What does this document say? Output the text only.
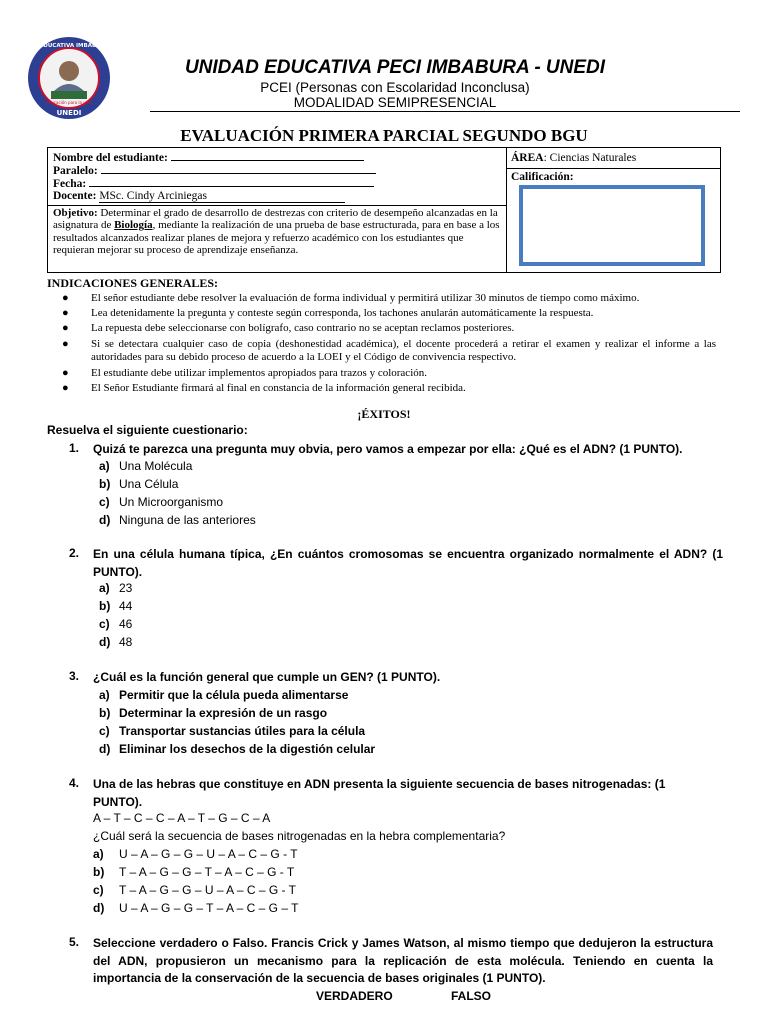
UNIDAD EDUCATIVA IMBABURA PECI
educación para la vida
UNEDI
UNIDAD EDUCATIVA PECI IMBABURA - UNEDI
PCEI (Personas con Escolaridad Inconclusa)
MODALIDAD SEMIPRESENCIAL
EVALUACIÓN PRIMERA PARCIAL SEGUNDO BGU
Nombre del estudiante:
Paralelo:
Fecha:
Docente: MSc. Cindy Arciniegas
ÁREA: Ciencias Naturales
Calificación:
Objetivo: Determinar el grado de desarrollo de destrezas con criterio de desempeño alcanzadas en la asignatura de Biología, mediante la realización de una prueba de base estructurada, para en base a los resultados alcanzados realizar planes de mejora y refuerzo académico con los estudiantes que requieran mejorar su proceso de aprendizaje enseñanza.
INDICACIONES GENERALES:
● El señor estudiante debe resolver la evaluación de forma individual y permitirá utilizar 30 minutos de tiempo como máximo.
● Lea detenidamente la pregunta y conteste según corresponda, los tachones anularán automáticamente la respuesta.
● La repuesta debe seleccionarse con bolígrafo, caso contrario no se aceptan reclamos posteriores.
● Si se detectara cualquier caso de copia (deshonestidad académica), el docente procederá a retirar el examen y realizar el informe a las autoridades para su debido proceso de acuerdo a la LOEI y el Código de convivencia respectivo.
● El estudiante debe utilizar implementos apropiados para trazos y coloración.
● El Señor Estudiante firmará al final en constancia de la información general recibida.
¡ÉXITOS!
Resuelva el siguiente cuestionario:
1. Quizá te parezca una pregunta muy obvia, pero vamos a empezar por ella: ¿Qué es el ADN? (1 PUNTO).
a) Una Molécula
b) Una Célula
c) Un Microorganismo
d) Ninguna de las anteriores
2. En una célula humana típica, ¿En cuántos cromosomas se encuentra organizado normalmente el ADN? (1 PUNTO).
a) 23
b) 44
c) 46
d) 48
3. ¿Cuál es la función general que cumple un GEN? (1 PUNTO).
a) Permitir que la célula pueda alimentarse
b) Determinar la expresión de un rasgo
c) Transportar sustancias útiles para la célula
d) Eliminar los desechos de la digestión celular
4. Una de las hebras que constituye en ADN presenta la siguiente secuencia de bases nitrogenadas: (1 PUNTO).
A – T – C – C – A – T – G – C – A
¿Cuál será la secuencia de bases nitrogenadas en la hebra complementaria?
a) U – A – G – G – U – A – C – G - T
b) T – A – G – G – T – A – C – G - T
c) T – A – G – G – U – A – C – G - T
d) U – A – G – G – T – A – C – G – T
5. Seleccione verdadero o Falso. Francis Crick y James Watson, al mismo tiempo que dedujeron la estructura del ADN, propusieron un mecanismo para la replicación de esta molécula. Teniendo en cuenta la importancia de la conservación de la secuencia de bases originales (1 PUNTO).
VERDADERO	FALSO
